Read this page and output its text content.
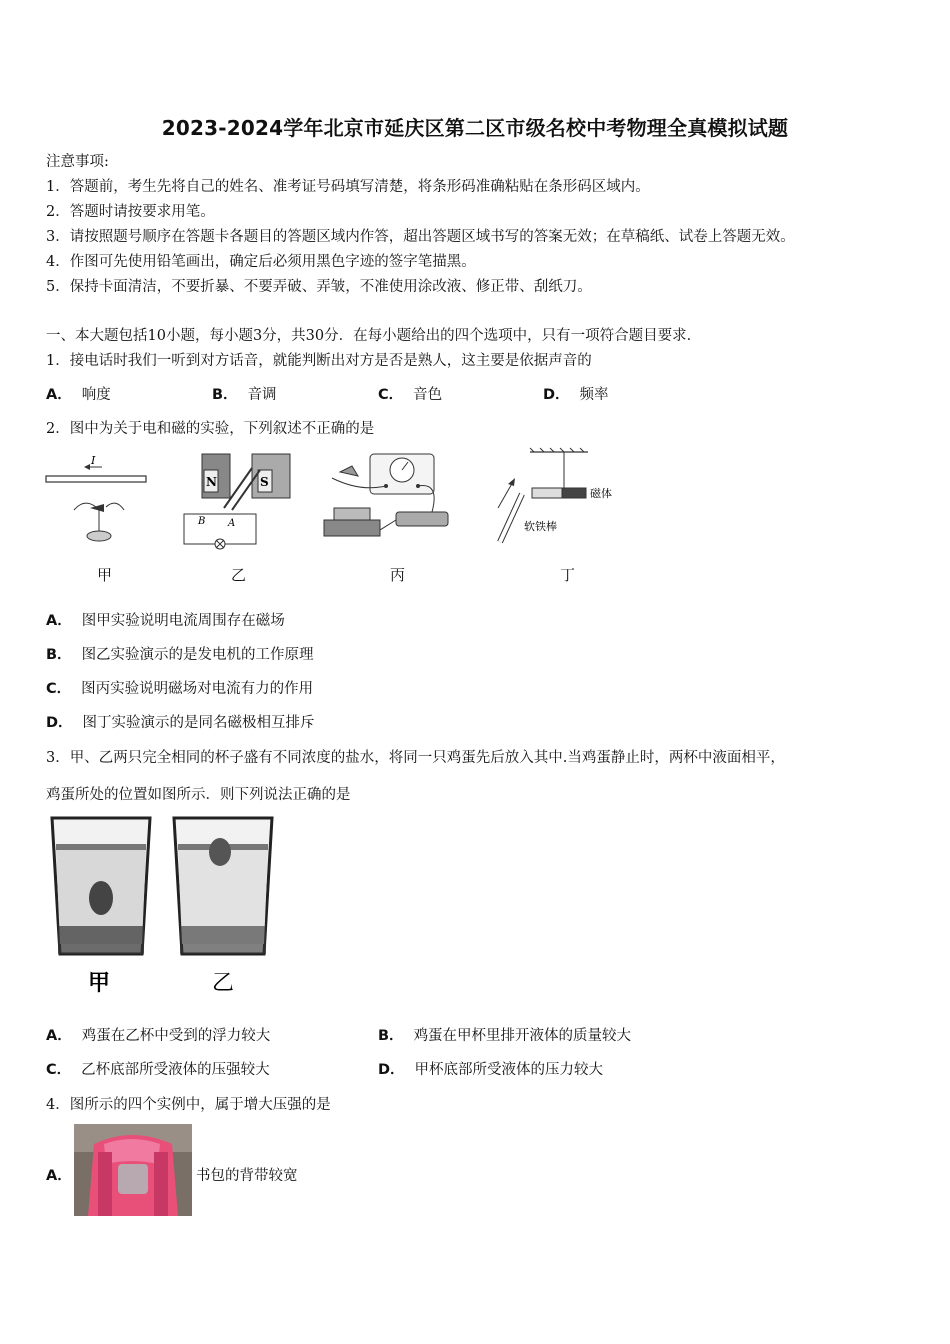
2023-2024学年北京市延庆区第二区市级名校中考物理全真模拟试题
注意事项:
1．答题前，考生先将自己的姓名、准考证号码填写清楚，将条形码准确粘贴在条形码区域内。
2．答题时请按要求用笔。
3．请按照题号顺序在答题卡各题目的答题区域内作答，超出答题区域书写的答案无效；在草稿纸、试卷上答题无效。
4．作图可先使用铅笔画出，确定后必须用黑色字迹的签字笔描黑。
5．保持卡面清洁，不要折暴、不要弄破、弄皱，不准使用涂改液、修正带、刮纸刀。
一、本大题包括10小题，每小题3分，共30分．在每小题给出的四个选项中，只有一项符合题目要求．
1．接电话时我们一听到对方话音，就能判断出对方是否是熟人，这主要是依据声音的
A． 响度	B． 音调	C． 音色	D． 频率
2．图中为关于电和磁的实验，下列叙述不正确的是
I
N	S
B A
磁体
软铁棒
甲	乙	丙	丁
A． 图甲实验说明电流周围存在磁场
B． 图乙实验演示的是发电机的工作原理
C． 图丙实验说明磁场对电流有力的作用
D． 图丁实验演示的是同名磁极相互排斥
3．甲、乙两只完全相同的杯子盛有不同浓度的盐水，将同一只鸡蛋先后放入其中.当鸡蛋静止时，两杯中液面相平，
鸡蛋所处的位置如图所示．则下列说法正确的是
甲	乙
A． 鸡蛋在乙杯中受到的浮力较大	B． 鸡蛋在甲杯里排开液体的质量较大
C． 乙杯底部所受液体的压强较大	D． 甲杯底部所受液体的压力较大
4．图所示的四个实例中，属于增大压强的是
A．	书包的背带较宽
